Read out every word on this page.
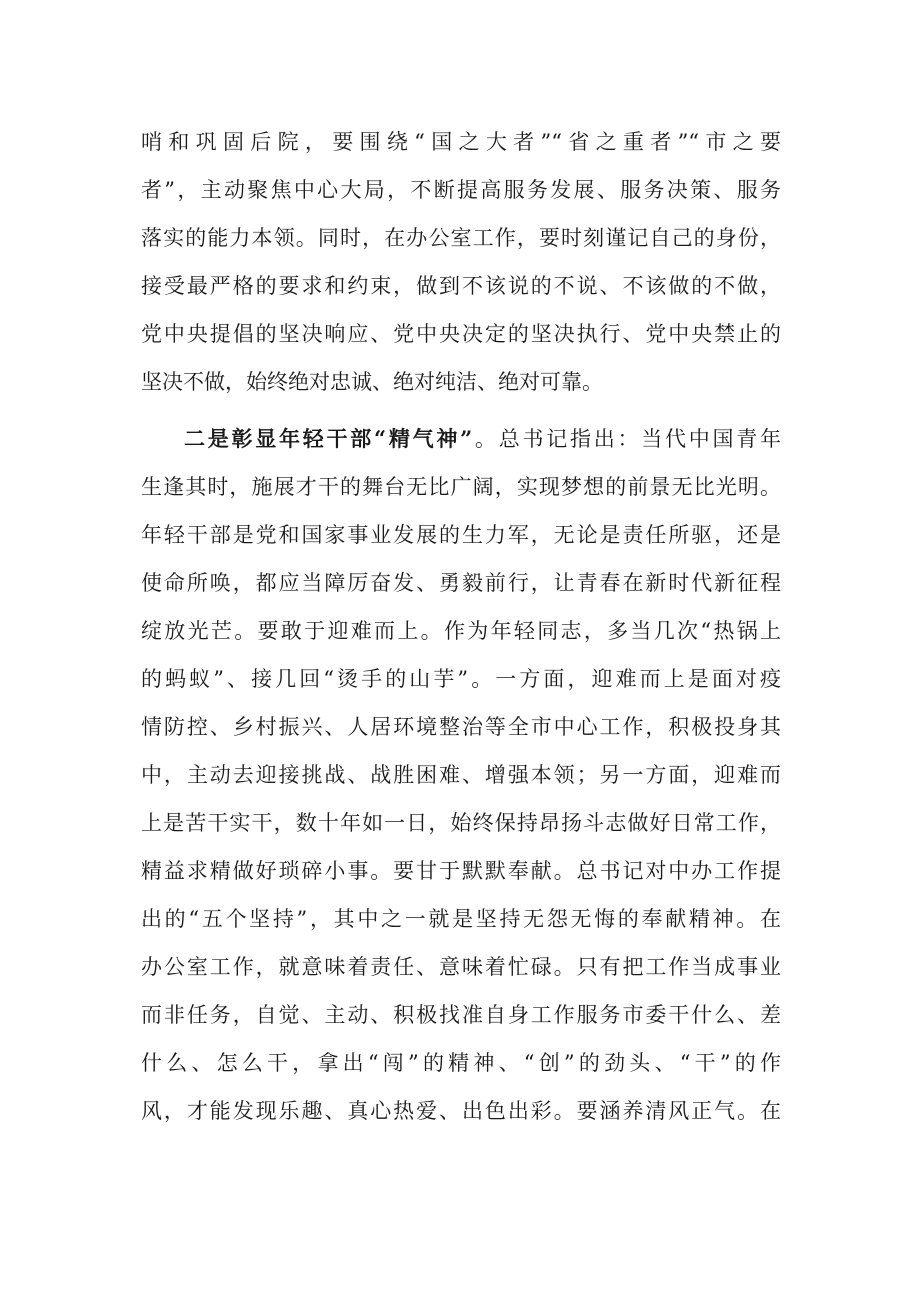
哨和巩固后院，要围绕“国之大者”“省之重者”“市之要
者”，主动聚焦中心大局，不断提高服务发展、服务决策、服务
落实的能力本领。同时，在办公室工作，要时刻谨记自己的身份，
接受最严格的要求和约束，做到不该说的不说、不该做的不做，
党中央提倡的坚决响应、党中央决定的坚决执行、党中央禁止的
坚决不做，始终绝对忠诚、绝对纯洁、绝对可靠。
二是彰显年轻干部“精气神”。总书记指出：当代中国青年
生逢其时，施展才干的舞台无比广阔，实现梦想的前景无比光明。
年轻干部是党和国家事业发展的生力军，无论是责任所驱，还是
使命所唤，都应当障厉奋发、勇毅前行，让青春在新时代新征程
绽放光芒。要敢于迎难而上。作为年轻同志，多当几次“热锅上
的蚂蚁”、接几回“烫手的山芋”。一方面，迎难而上是面对疫
情防控、乡村振兴、人居环境整治等全市中心工作，积极投身其
中，主动去迎接挑战、战胜困难、增强本领；另一方面，迎难而
上是苦干实干，数十年如一日，始终保持昂扬斗志做好日常工作，
精益求精做好琐碎小事。要甘于默默奉献。总书记对中办工作提
出的“五个坚持”，其中之一就是坚持无怨无悔的奉献精神。在
办公室工作，就意味着责任、意味着忙碌。只有把工作当成事业
而非任务，自觉、主动、积极找准自身工作服务市委干什么、差
什么、怎么干，拿出“闯”的精神、“创”的劲头、“干”的作
风，才能发现乐趣、真心热爱、出色出彩。要涵养清风正气。在
